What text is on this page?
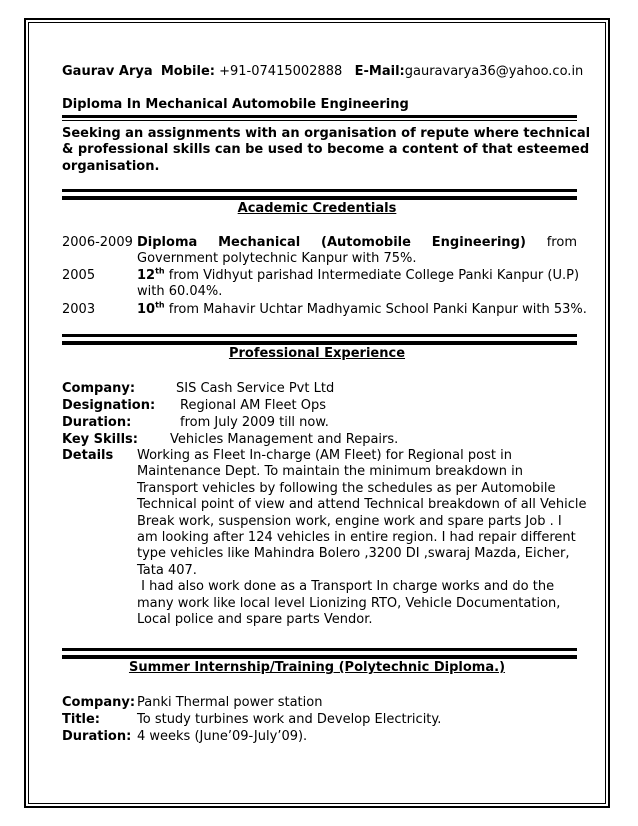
Gaurav Arya Mobile: +91-07415002888 E-Mail:gauravarya36@yahoo.co.in
Diploma In Mechanical Automobile Engineering
Seeking an assignments with an organisation of repute where technical
& professional skills can be used to become a content of that esteemed
organisation.
Academic Credentials
2006-2009 Diploma Mechanical (Automobile Engineering) from
Government polytechnic Kanpur with 75%.
2005	12th from Vidhyut parishad Intermediate College Panki Kanpur (U.P)
with 60.04%.
2003	10th from Mahavir Uchtar Madhyamic School Panki Kanpur with 53%.
Professional Experience
Company:	SIS Cash Service Pvt Ltd
Designation: Regional AM Fleet Ops
Duration:	from July 2009 till now.
Key Skills: Vehicles Management and Repairs.
Details Working as Fleet In-charge (AM Fleet) for Regional post in
Maintenance Dept. To maintain the minimum breakdown in
Transport vehicles by following the schedules as per Automobile
Technical point of view and attend Technical breakdown of all Vehicle
Break work, suspension work, engine work and spare parts Job . I
am looking after 124 vehicles in entire region. I had repair different
type vehicles like Mahindra Bolero ,3200 DI ,swaraj Mazda, Eicher,
Tata 407.
I had also work done as a Transport In charge works and do the
many work like local level Lionizing RTO, Vehicle Documentation,
Local police and spare parts Vendor.
Summer Internship/Training (Polytechnic Diploma.)
Company: Panki Thermal power station
Title:	To study turbines work and Develop Electricity.
Duration: 4 weeks (June’09-July’09).
